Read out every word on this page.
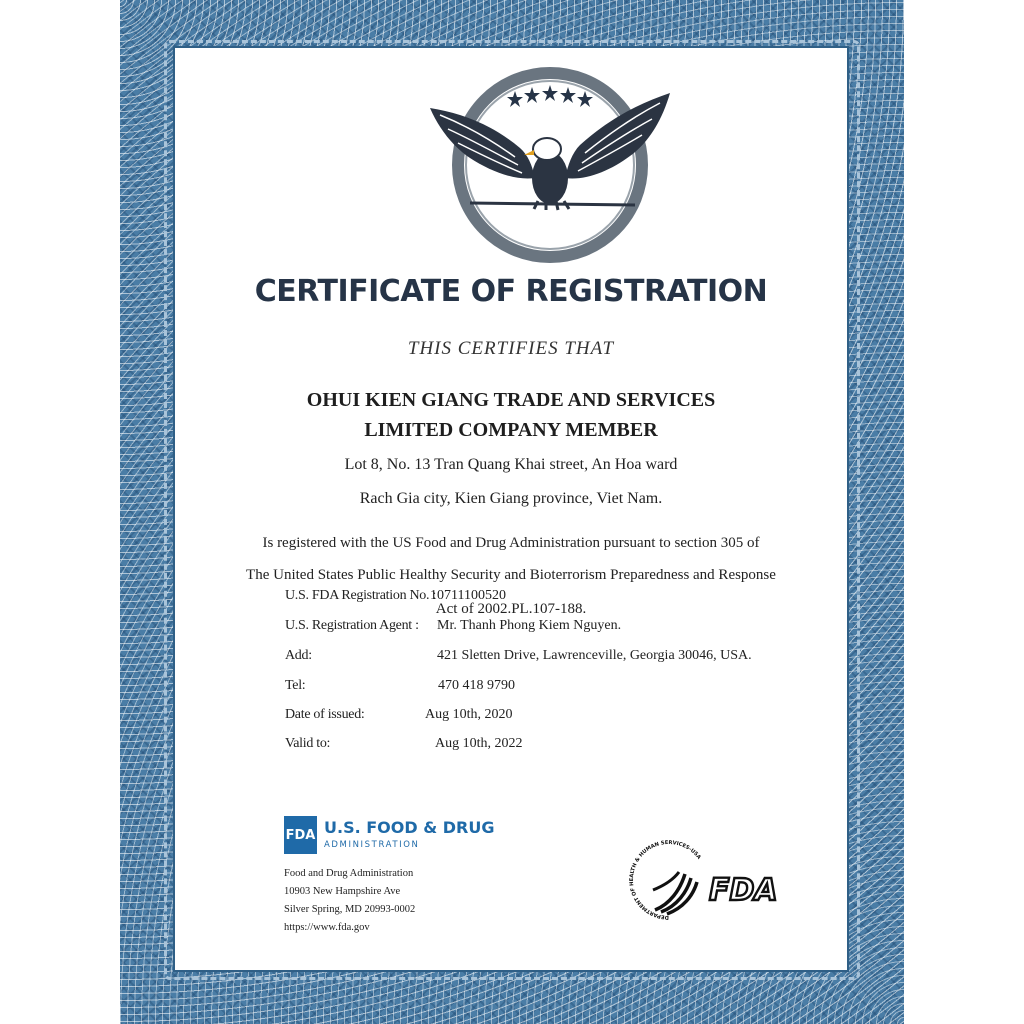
CERTIFICATE OF REGISTRATION
THIS CERTIFIES THAT
OHUI KIEN GIANG TRADE AND SERVICES
LIMITED COMPANY MEMBER
Lot 8, No. 13 Tran Quang Khai street, An Hoa ward
Rach Gia city, Kien Giang province, Viet Nam.
Is registered with the US Food and Drug Administration pursuant to section 305 of
The United States Public Healthy Security and Bioterrorism Preparedness and Response
Act of 2002.PL.107-188.
U.S. FDA Registration No. :
10711100520
U.S. Registration Agent : Mr. Thanh Phong Kiem Nguyen.
Add:	421 Sletten Drive, Lawrenceville, Georgia 30046, USA.
Tel:	470 418 9790
Date of issued:	Aug 10th, 2020
Valid to:	Aug 10th, 2022
FDA U.S. FOOD & DRUG
ADMINISTRATION
Food and Drug Administration
10903 New Hampshire Ave
Silver Spring, MD 20993-0002
https://www.fda.gov
DEPARTMENT OF HEALTH & HUMAN SERVICES-USA
FDA
